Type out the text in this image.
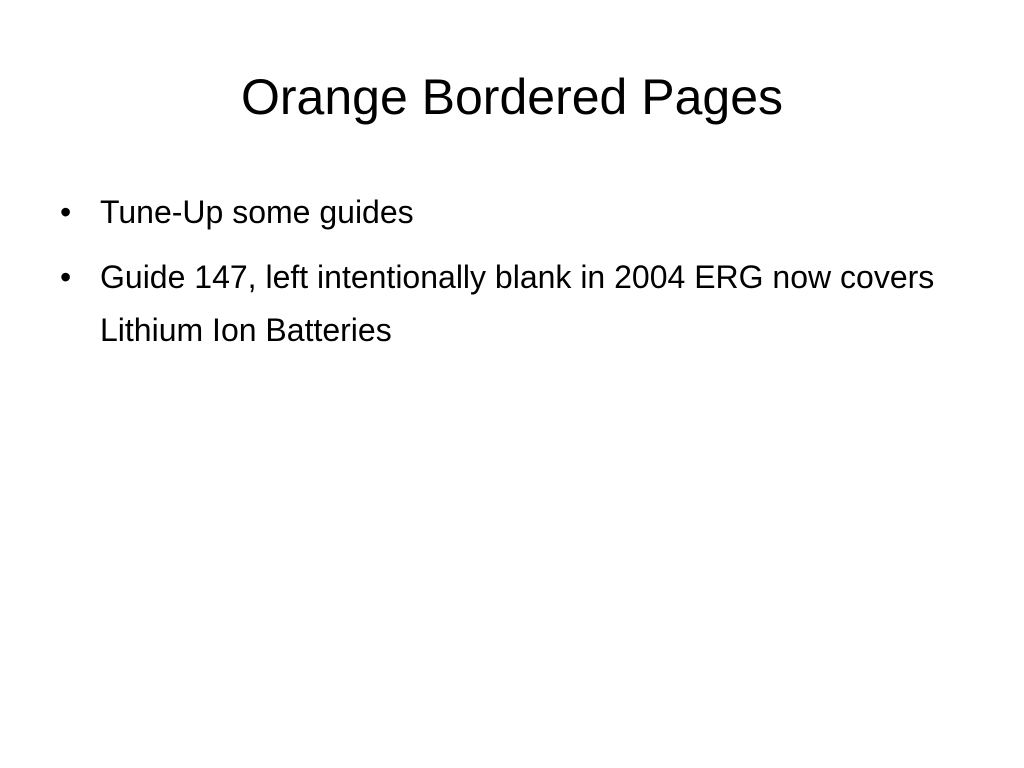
Orange Bordered Pages
• Tune-Up some guides
• Guide 147, left intentionally blank in 2004 ERG now covers Lithium Ion Batteries
